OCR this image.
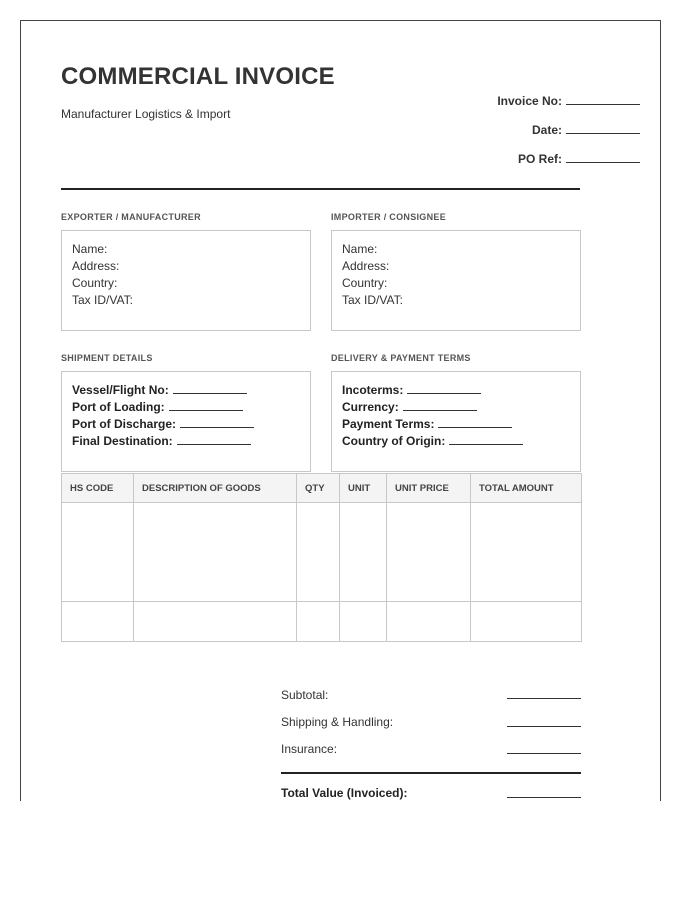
COMMERCIAL INVOICE
Manufacturer Logistics & Import
Invoice No:
Date:
PO Ref:
EXPORTER / MANUFACTURER
Name:
Address:
Country:
Tax ID/VAT:
IMPORTER / CONSIGNEE
Name:
Address:
Country:
Tax ID/VAT:
SHIPMENT DETAILS
Vessel/Flight No:
Port of Loading:
Port of Discharge:
Final Destination:
DELIVERY & PAYMENT TERMS
Incoterms:
Currency:
Payment Terms:
Country of Origin:
HS CODE	DESCRIPTION OF GOODS	QTY	UNIT	UNIT PRICE	TOTAL AMOUNT

Subtotal:
Shipping & Handling:
Insurance:
Total Value (Invoiced):
